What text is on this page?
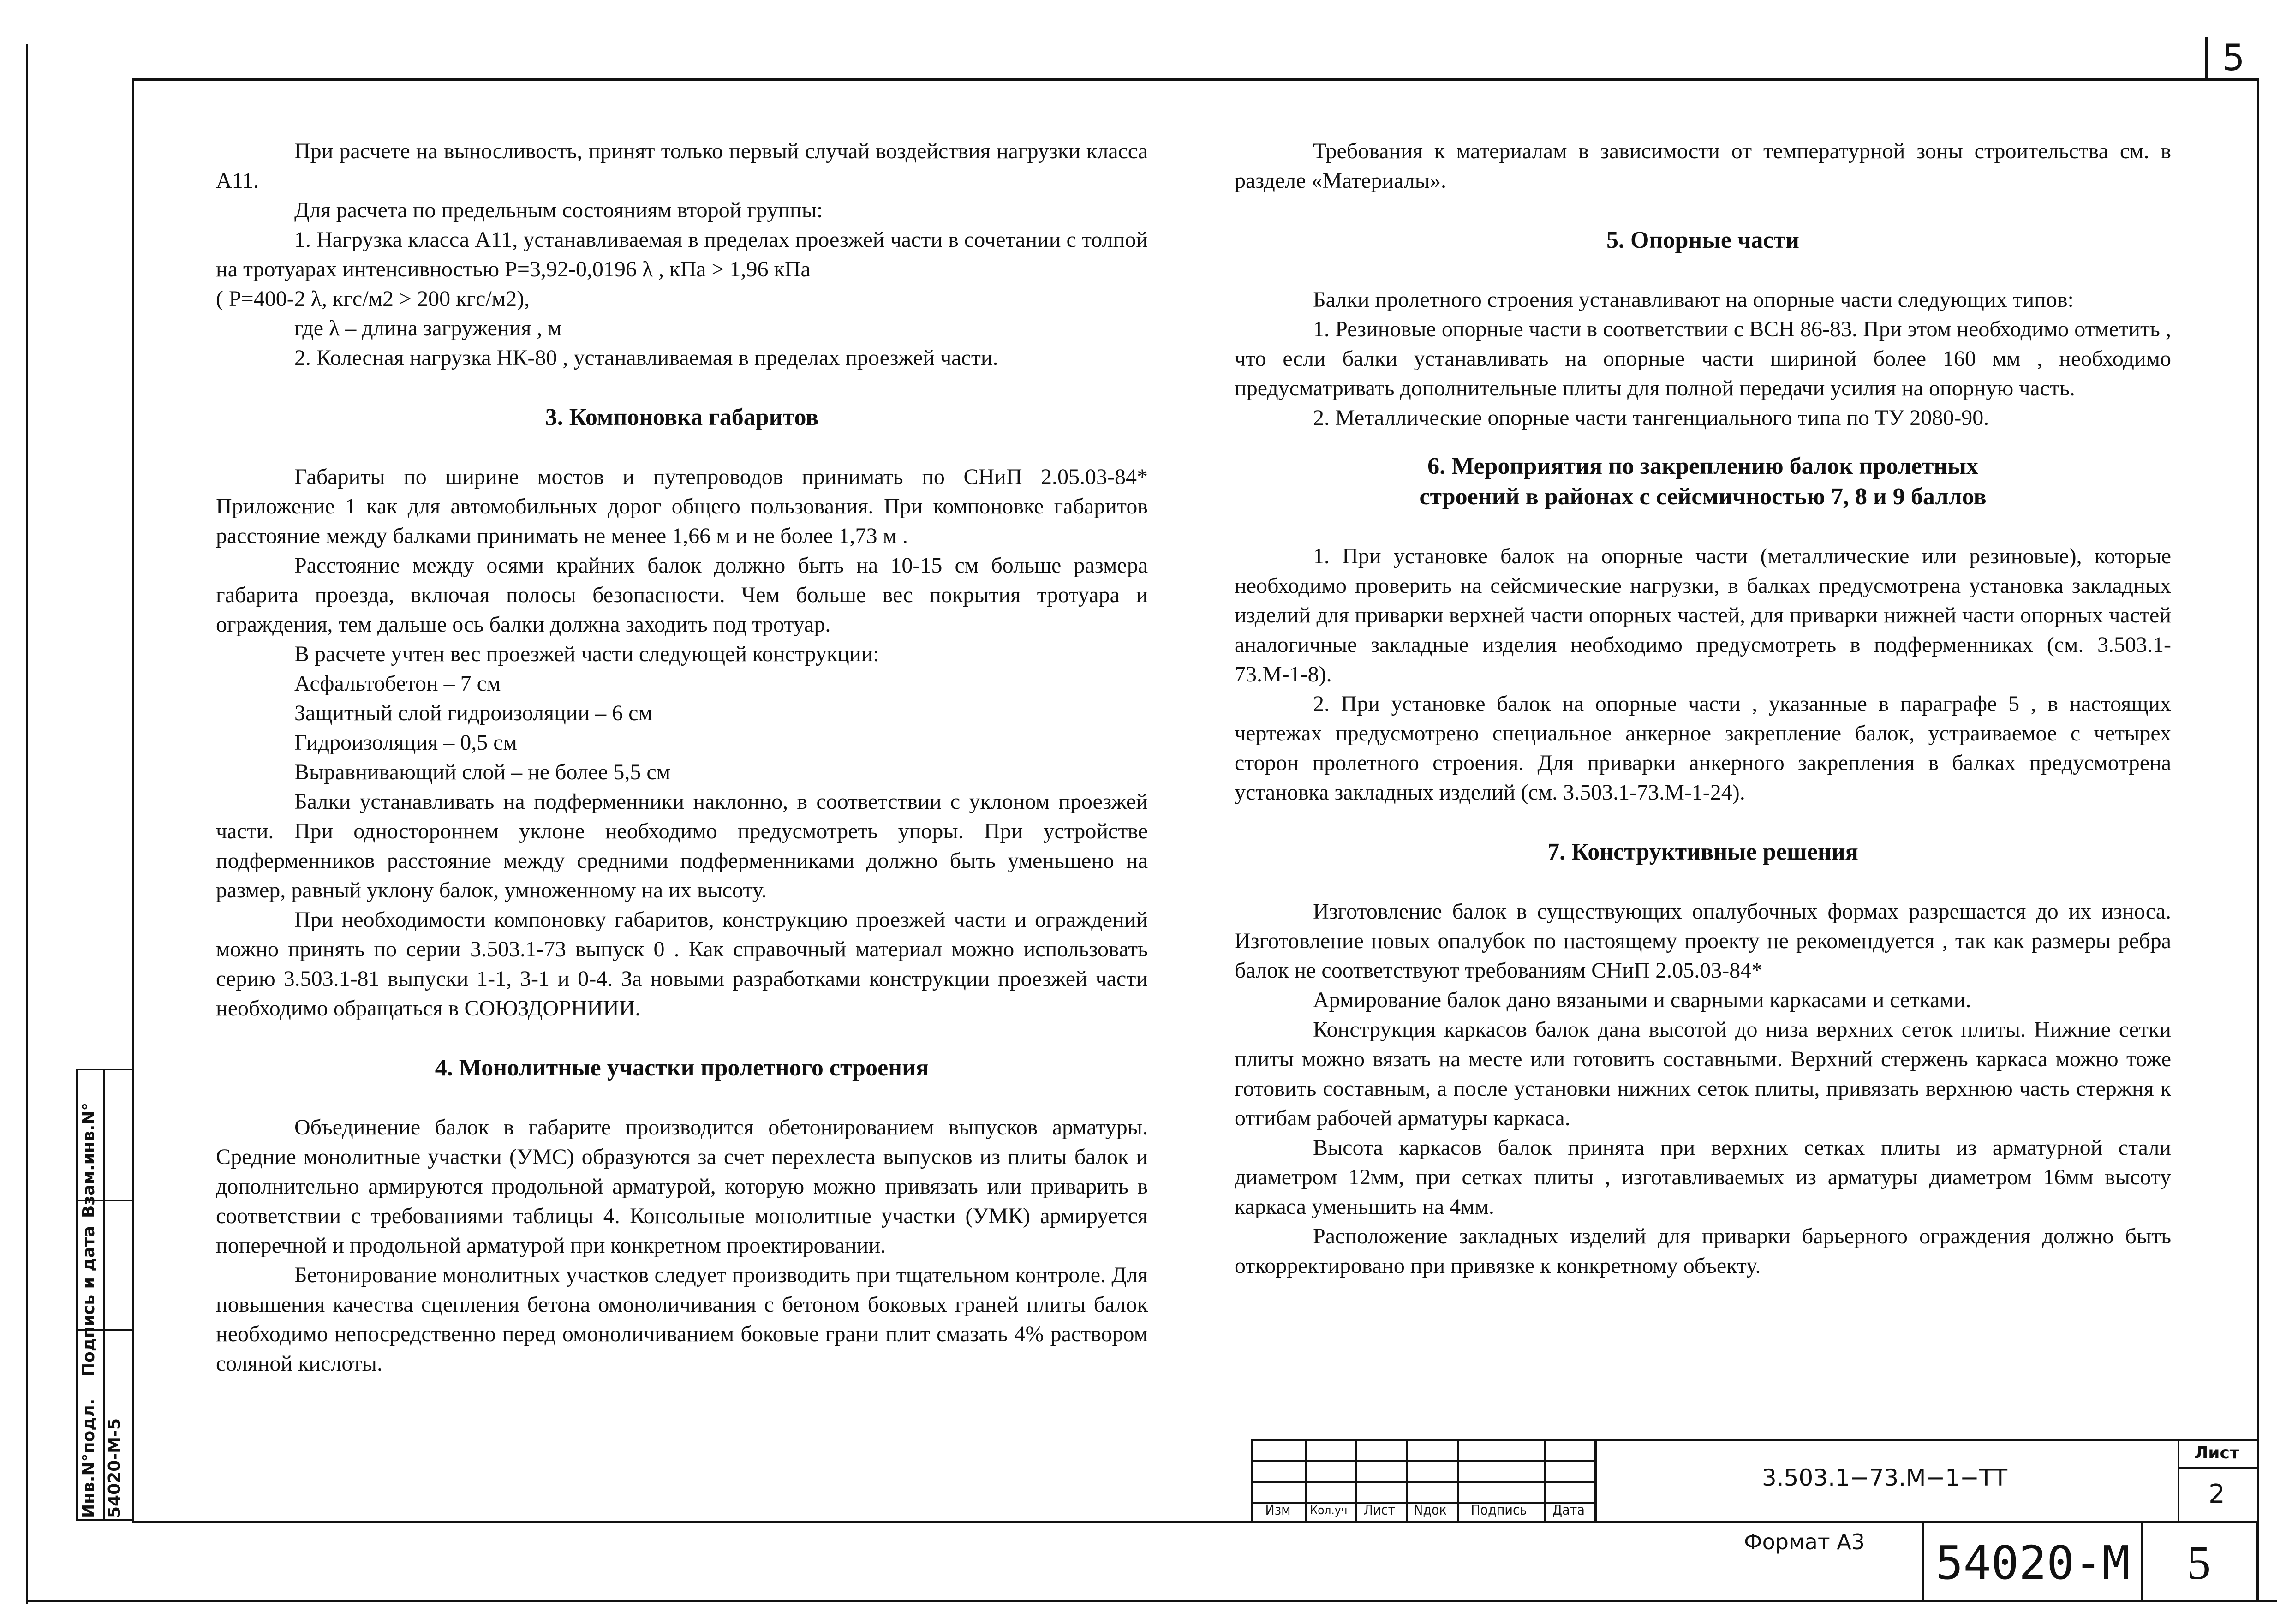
5
Инв.N°подл. 54020-М-5
Подпись и дата
Взам.инв.N°

При расчете на выносливость, принят только первый случай воздействия нагрузки класса А11.

Для расчета по предельным состояниям второй группы:

1. Нагрузка класса А11, устанавливаемая в пределах проезжей части в сочетании с толпой на тротуарах интенсивностью Р=3,92-0,0196 λ , кПа > 1,96 кПа

( Р=400-2 λ, кгс/м2 > 200 кгс/м2),

где λ – длина загружения , м

2. Колесная нагрузка НК-80 , устанавливаемая в пределах проезжей части.

3. Компоновка габаритов

Габариты по ширине мостов и путепроводов принимать по СНиП 2.05.03-84* Приложение 1 как для автомобильных дорог общего пользования. При компоновке габаритов расстояние между балками принимать не менее 1,66 м и не более 1,73 м .

Расстояние между осями крайних балок должно быть на 10-15 см больше размера габарита проезда, включая полосы безопасности. Чем больше вес покрытия тротуара и ограждения, тем дальше ось балки должна заходить под тротуар.

В расчете учтен вес проезжей части следующей конструкции:

Асфальтобетон – 7 см

Защитный слой гидроизоляции – 6 см

Гидроизоляция – 0,5 см

Выравнивающий слой – не более 5,5 см

Балки устанавливать на подферменники наклонно, в соответствии с уклоном проезжей части. При одностороннем уклоне необходимо предусмотреть упоры. При устройстве подферменников расстояние между средними подферменниками должно быть уменьшено на размер, равный уклону балок, умноженному на их высоту.

При необходимости компоновку габаритов, конструкцию проезжей части и ограждений можно принять по серии 3.503.1-73 выпуск 0 . Как справочный материал можно использовать серию 3.503.1-81 выпуски 1-1, 3-1 и 0-4. За новыми разработками конструкции проезжей части необходимо обращаться в СОЮЗДОРНИИИ.

4. Монолитные участки пролетного строения

Объединение балок в габарите производится обетонированием выпусков арматуры. Средние монолитные участки (УМС) образуются за счет перехлеста выпусков из плиты балок и дополнительно армируются продольной арматурой, которую можно привязать или приварить в соответствии с требованиями таблицы 4. Консольные монолитные участки (УМК) армируется поперечной и продольной арматурой при конкретном проектировании.

Бетонирование монолитных участков следует производить при тщательном контроле. Для повышения качества сцепления бетона омоноличивания с бетоном боковых граней плиты балок необходимо непосредственно перед омоноличиванием боковые грани плит смазать 4% раствором соляной кислоты.

Требования к материалам в зависимости от температурной зоны строительства см. в разделе «Материалы».

5. Опорные части

Балки пролетного строения устанавливают на опорные части следующих типов:

1. Резиновые опорные части в соответствии с ВСН 86-83. При этом необходимо отметить , что если балки устанавливать на опорные части шириной более 160 мм , необходимо предусматривать дополнительные плиты для полной передачи усилия на опорную часть.

2. Металлические опорные части тангенциального типа по ТУ 2080-90.

6. Мероприятия по закреплению балок пролетных
строений в районах с сейсмичностью 7, 8 и 9 баллов

1. При установке балок на опорные части (металлические или резиновые), которые необходимо проверить на сейсмические нагрузки, в балках предусмотрена установка закладных изделий для приварки верхней части опорных частей, для приварки нижней части опорных частей аналогичные закладные изделия необходимо предусмотреть в подферменниках (см. 3.503.1-73.М-1-8).

2. При установке балок на опорные части , указанные в параграфе 5 , в настоящих чертежах предусмотрено специальное анкерное закрепление балок, устраиваемое с четырех сторон пролетного строения. Для приварки анкерного закрепления в балках предусмотрена установка закладных изделий (см. 3.503.1-73.М-1-24).

7. Конструктивные решения

Изготовление балок в существующих опалубочных формах разрешается до их износа. Изготовление новых опалубок по настоящему проекту не рекомендуется , так как размеры ребра балок не соответствуют требованиям СНиП 2.05.03-84*

Армирование балок дано вязаными и сварными каркасами и сетками.

Конструкция каркасов балок дана высотой до низа верхних сеток плиты. Нижние сетки плиты можно вязать на месте или готовить составными. Верхний стержень каркаса можно тоже готовить составным, а после установки нижних сеток плиты, привязать верхнюю часть стержня к отгибам рабочей арматуры каркаса.

Высота каркасов балок принята при верхних сетках плиты из арматурной стали диаметром 12мм, при сетках плиты , изготавливаемых из арматуры диаметром 16мм высоту каркаса уменьшить на 4мм.

Расположение закладных изделий для приварки барьерного ограждения должно быть откорректировано при привязке к конкретному объекту.

Изм	Кол.уч	Лист	Nдок	Подпись	Дата
3.503.1−73.М−1−ТТ
Лист
2
Формат А3 54020-М	5
